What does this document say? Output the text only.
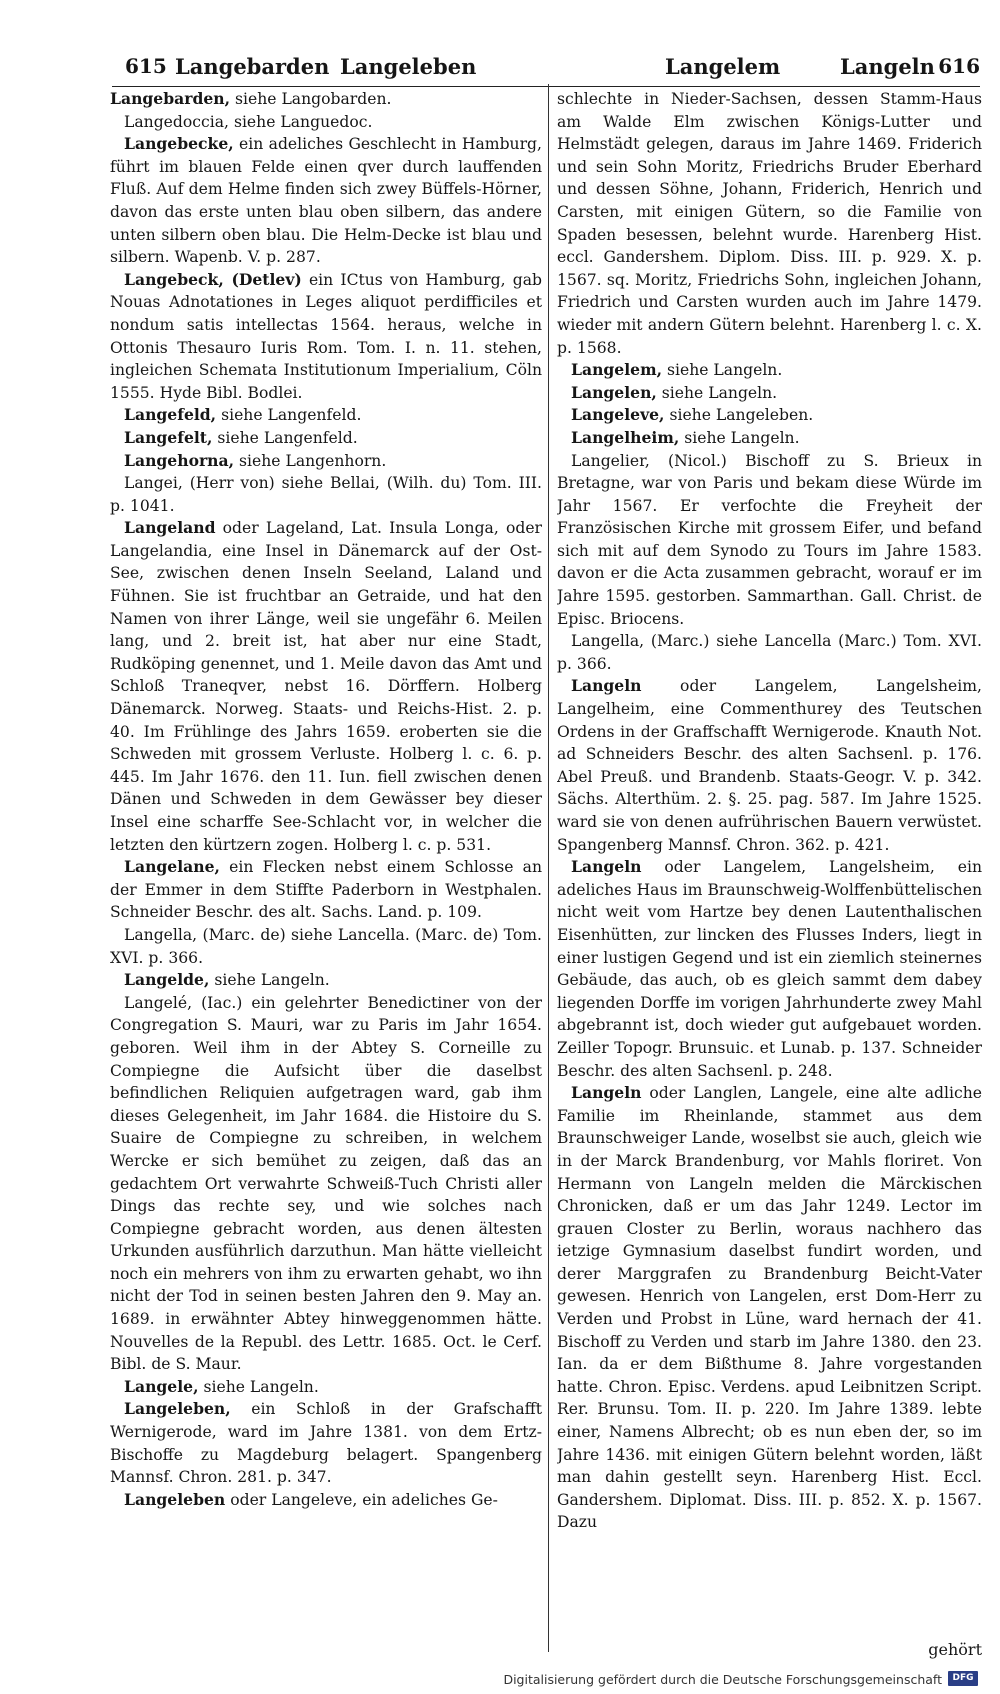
615 Langebarden Langeleben	Langelem	Langeln 616

Langebarden, siehe Langobarden.

Langedoccia, siehe Languedoc.

Langebecke, ein adeliches Geschlecht in Hamburg, führt im blauen Felde einen qver durch lauffenden Fluß. Auf dem Helme finden sich zwey Büffels-Hörner, davon das erste unten blau oben silbern, das andere unten silbern oben blau. Die Helm-Decke ist blau und silbern. Wapenb. V. p. 287.

Langebeck, (Detlev) ein ICtus von Hamburg, gab Nouas Adnotationes in Leges aliquot perdifficiles et nondum satis intellectas 1564. heraus, welche in Ottonis Thesauro Iuris Rom. Tom. I. n. 11. stehen, ingleichen Schemata Institutionum Imperialium, Cöln 1555. Hyde Bibl. Bodlei.

Langefeld, siehe Langenfeld.

Langefelt, siehe Langenfeld.

Langehorna, siehe Langenhorn.

Langei, (Herr von) siehe Bellai, (Wilh. du) Tom. III. p. 1041.

Langeland oder Lageland, Lat. Insula Longa, oder Langelandia, eine Insel in Dänemarck auf der Ost-See, zwischen denen Inseln Seeland, Laland und Fühnen. Sie ist fruchtbar an Getraide, und hat den Namen von ihrer Länge, weil sie ungefähr 6. Meilen lang, und 2. breit ist, hat aber nur eine Stadt, Rudköping genennet, und 1. Meile davon das Amt und Schloß Traneqver, nebst 16. Dörffern. Holberg Dänemarck. Norweg. Staats- und Reichs-Hist. 2. p. 40. Im Frühlinge des Jahrs 1659. eroberten sie die Schweden mit grossem Verluste. Holberg l. c. 6. p. 445. Im Jahr 1676. den 11. Iun. fiell zwischen denen Dänen und Schweden in dem Gewässer bey dieser Insel eine scharffe See-Schlacht vor, in welcher die letzten den kürtzern zogen. Holberg l. c. p. 531.

Langelane, ein Flecken nebst einem Schlosse an der Emmer in dem Stiffte Paderborn in Westphalen. Schneider Beschr. des alt. Sachs. Land. p. 109.

Langella, (Marc. de) siehe Lancella. (Marc. de) Tom. XVI. p. 366.

Langelde, siehe Langeln.

Langelé, (Iac.) ein gelehrter Benedictiner von der Congregation S. Mauri, war zu Paris im Jahr 1654. geboren. Weil ihm in der Abtey S. Corneille zu Compiegne die Aufsicht über die daselbst befindlichen Reliquien aufgetragen ward, gab ihm dieses Gelegenheit, im Jahr 1684. die Histoire du S. Suaire de Compiegne zu schreiben, in welchem Wercke er sich bemühet zu zeigen, daß das an gedachtem Ort verwahrte Schweiß-Tuch Christi aller Dings das rechte sey, und wie solches nach Compiegne gebracht worden, aus denen ältesten Urkunden ausführlich darzuthun. Man hätte vielleicht noch ein mehrers von ihm zu erwarten gehabt, wo ihn nicht der Tod in seinen besten Jahren den 9. May an. 1689. in erwähnter Abtey hinweggenommen hätte. Nouvelles de la Republ. des Lettr. 1685. Oct. le Cerf. Bibl. de S. Maur.

Langele, siehe Langeln.

Langeleben, ein Schloß in der Grafschafft Wernigerode, ward im Jahre 1381. von dem Ertz-Bischoffe zu Magdeburg belagert. Spangenberg Mannsf. Chron. 281. p. 347.

Langeleben oder Langeleve, ein adeliches Ge-

schlechte in Nieder-Sachsen, dessen Stamm-Haus am Walde Elm zwischen Königs-Lutter und Helmstädt gelegen, daraus im Jahre 1469. Friderich und sein Sohn Moritz, Friedrichs Bruder Eberhard und dessen Söhne, Johann, Friderich, Henrich und Carsten, mit einigen Gütern, so die Familie von Spaden besessen, belehnt wurde. Harenberg Hist. eccl. Gandershem. Diplom. Diss. III. p. 929. X. p. 1567. sq. Moritz, Friedrichs Sohn, ingleichen Johann, Friedrich und Carsten wurden auch im Jahre 1479. wieder mit andern Gütern belehnt. Harenberg l. c. X. p. 1568.

Langelem, siehe Langeln.

Langelen, siehe Langeln.

Langeleve, siehe Langeleben.

Langelheim, siehe Langeln.

Langelier, (Nicol.) Bischoff zu S. Brieux in Bretagne, war von Paris und bekam diese Würde im Jahr 1567. Er verfochte die Freyheit der Französischen Kirche mit grossem Eifer, und befand sich mit auf dem Synodo zu Tours im Jahre 1583. davon er die Acta zusammen gebracht, worauf er im Jahre 1595. gestorben. Sammarthan. Gall. Christ. de Episc. Briocens.

Langella, (Marc.) siehe Lancella (Marc.) Tom. XVI. p. 366.

Langeln oder Langelem, Langelsheim, Langelheim, eine Commenthurey des Teutschen Ordens in der Graffschafft Wernigerode. Knauth Not. ad Schneiders Beschr. des alten Sachsenl. p. 176. Abel Preuß. und Brandenb. Staats-Geogr. V. p. 342. Sächs. Alterthüm. 2. §. 25. pag. 587. Im Jahre 1525. ward sie von denen aufrührischen Bauern verwüstet. Spangenberg Mannsf. Chron. 362. p. 421.

Langeln oder Langelem, Langelsheim, ein adeliches Haus im Braunschweig-Wolffenbüttelischen nicht weit vom Hartze bey denen Lautenthalischen Eisenhütten, zur lincken des Flusses Inders, liegt in einer lustigen Gegend und ist ein ziemlich steinernes Gebäude, das auch, ob es gleich sammt dem dabey liegenden Dorffe im vorigen Jahrhunderte zwey Mahl abgebrannt ist, doch wieder gut aufgebauet worden. Zeiller Topogr. Brunsuic. et Lunab. p. 137. Schneider Beschr. des alten Sachsenl. p. 248.

Langeln oder Langlen, Langele, eine alte adliche Familie im Rheinlande, stammet aus dem Braunschweiger Lande, woselbst sie auch, gleich wie in der Marck Brandenburg, vor Mahls floriret. Von Hermann von Langeln melden die Märckischen Chronicken, daß er um das Jahr 1249. Lector im grauen Closter zu Berlin, woraus nachhero das ietzige Gymnasium daselbst fundirt worden, und derer Marggrafen zu Brandenburg Beicht-Vater gewesen. Henrich von Langelen, erst Dom-Herr zu Verden und Probst in Lüne, ward hernach der 41. Bischoff zu Verden und starb im Jahre 1380. den 23. Ian. da er dem Bißthume 8. Jahre vorgestanden hatte. Chron. Episc. Verdens. apud Leibnitzen Script. Rer. Brunsu. Tom. II. p. 220. Im Jahre 1389. lebte einer, Namens Albrecht; ob es nun eben der, so im Jahre 1436. mit einigen Gütern belehnt worden, läßt man dahin gestellt seyn. Harenberg Hist. Eccl. Gandershem. Diplomat. Diss. III. p. 852. X. p. 1567. Dazu

gehört
Digitalisierung gefördert durch die Deutsche Forschungsgemeinschaft	DFG
